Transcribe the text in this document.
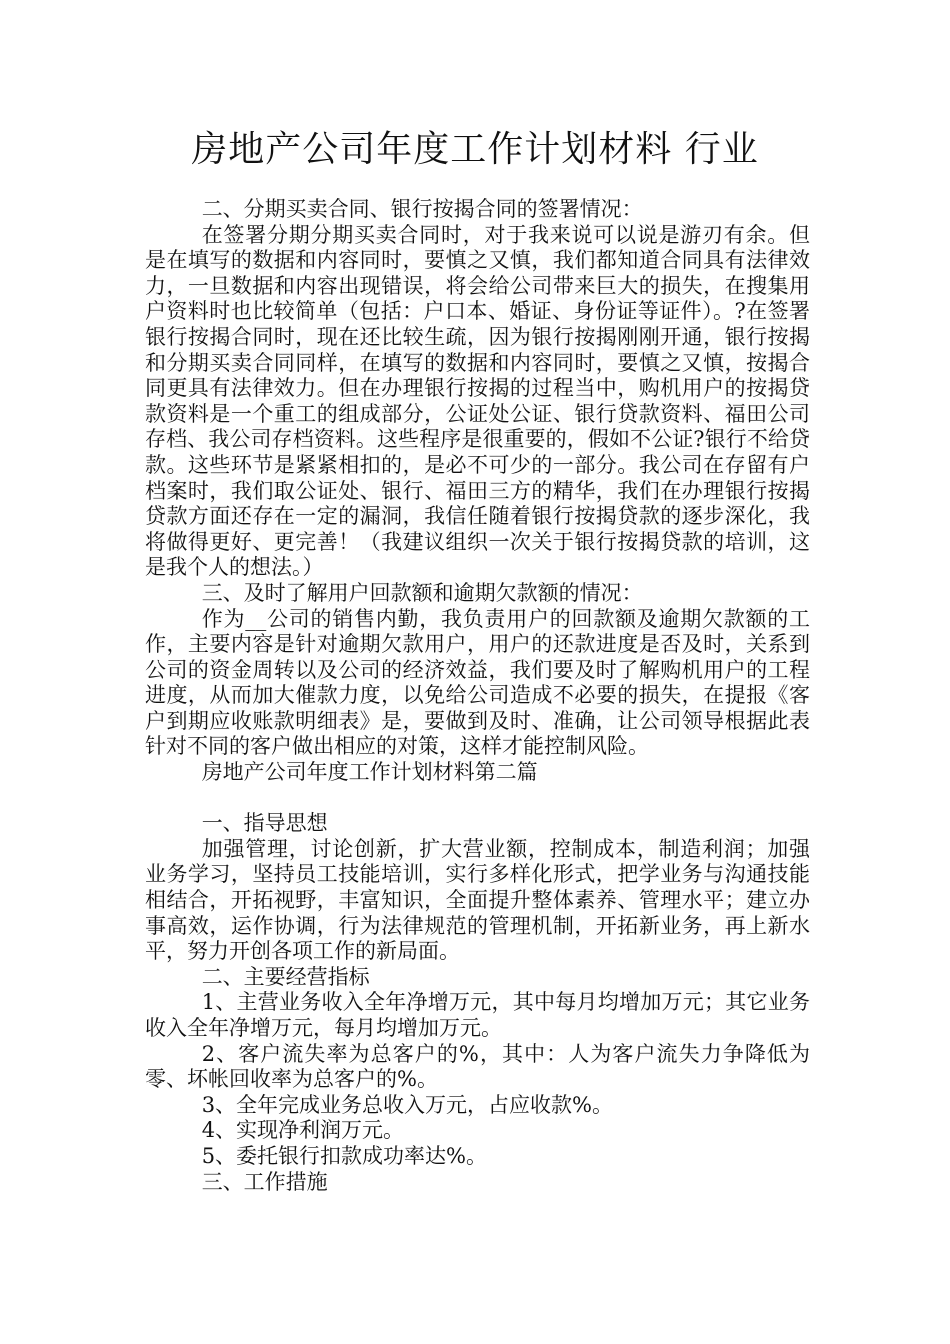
房地产公司年度工作计划材料 行业

二、分期买卖合同、银行按揭合同的签署情况：

在签署分期分期买卖合同时，对于我来说可以说是游刃有余。但是在填写的数据和内容同时，要慎之又慎，我们都知道合同具有法律效力，一旦数据和内容出现错误，将会给公司带来巨大的损失，在搜集用户资料时也比较简单（包括：户口本、婚证、身份证等证件）。?在签署银行按揭合同时，现在还比较生疏，因为银行按揭刚刚开通，银行按揭和分期买卖合同同样，在填写的数据和内容同时，要慎之又慎，按揭合同更具有法律效力。但在办理银行按揭的过程当中，购机用户的按揭贷款资料是一个重工的组成部分，公证处公证、银行贷款资料、福田公司存档、我公司存档资料。这些程序是很重要的，假如不公证?银行不给贷款。这些环节是紧紧相扣的，是必不可少的一部分。我公司在存留有户档案时，我们取公证处、银行、福田三方的精华，我们在办理银行按揭贷款方面还存在一定的漏洞，我信任随着银行按揭贷款的逐步深化，我将做得更好、更完善！（我建议组织一次关于银行按揭贷款的培训，这是我个人的想法。）

三、及时了解用户回款额和逾期欠款额的情况：

作为__公司的销售内勤，我负责用户的回款额及逾期欠款额的工作，主要内容是针对逾期欠款用户，用户的还款进度是否及时，关系到公司的资金周转以及公司的经济效益，我们要及时了解购机用户的工程进度，从而加大催款力度，以免给公司造成不必要的损失，在提报《客户到期应收账款明细表》是，要做到及时、准确，让公司领导根据此表针对不同的客户做出相应的对策，这样才能控制风险。

房地产公司年度工作计划材料第二篇

一、指导思想

加强管理，讨论创新，扩大营业额，控制成本，制造利润；加强业务学习，坚持员工技能培训，实行多样化形式，把学业务与沟通技能相结合，开拓视野，丰富知识，全面提升整体素养、管理水平；建立办事高效，运作协调，行为法律规范的管理机制，开拓新业务，再上新水平，努力开创各项工作的新局面。

二、主要经营指标

1、主营业务收入全年净增万元，其中每月均增加万元；其它业务收入全年净增万元，每月均增加万元。

2、客户流失率为总客户的%，其中：人为客户流失力争降低为零、坏帐回收率为总客户的%。

3、全年完成业务总收入万元，占应收款%。

4、实现净利润万元。

5、委托银行扣款成功率达%。

三、工作措施
